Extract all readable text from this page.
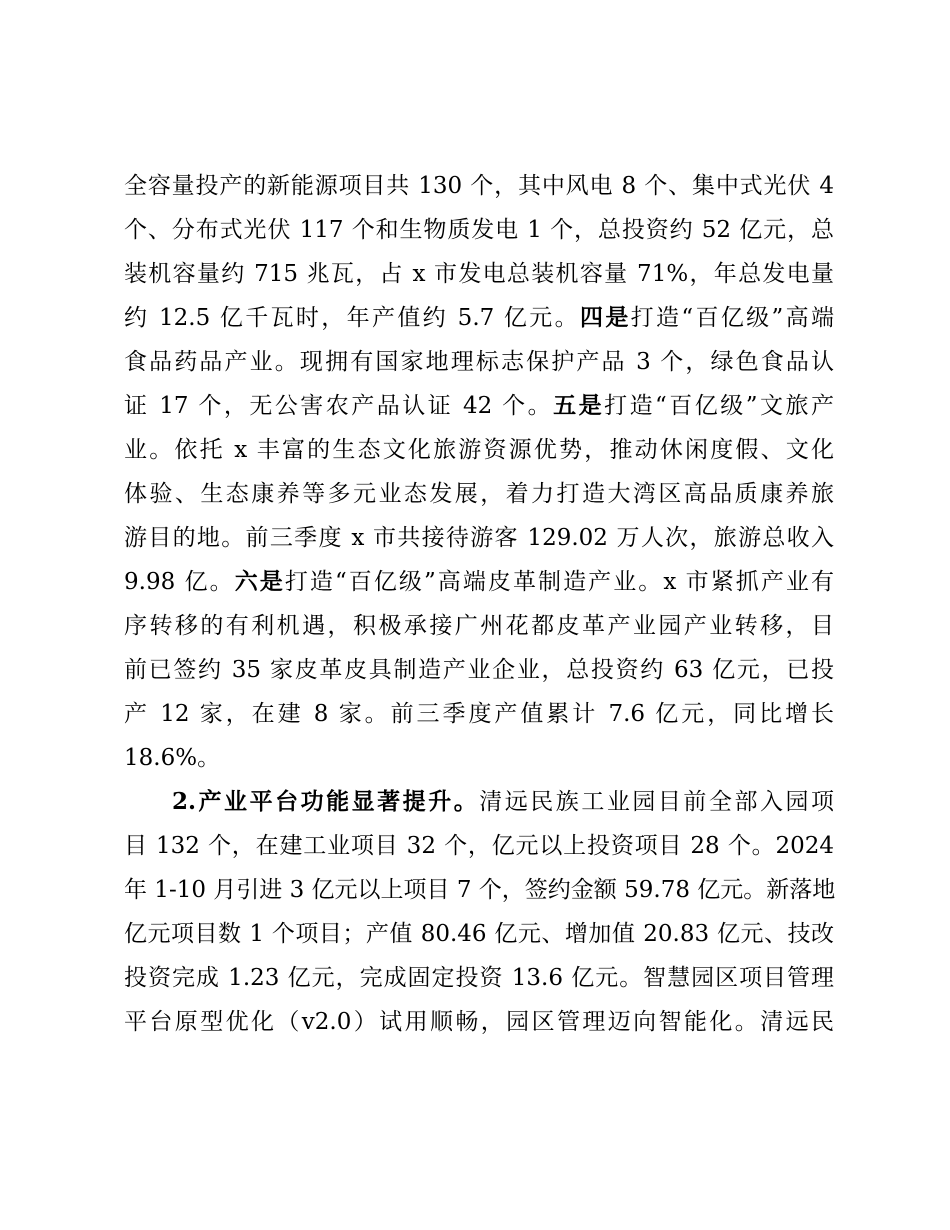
全容量投产的新能源项目共 130 个，其中风电 8 个、集中式光伏 4
个、分布式光伏 117 个和生物质发电 1 个，总投资约 52 亿元，总
装机容量约 715 兆瓦，占 x 市发电总装机容量 71%，年总发电量
约 12.5 亿千瓦时，年产值约 5.7 亿元。四是打造“百亿级”高端
食品药品产业。现拥有国家地理标志保护产品 3 个，绿色食品认
证 17 个，无公害农产品认证 42 个。五是打造“百亿级”文旅产
业。依托 x 丰富的生态文化旅游资源优势，推动休闲度假、文化
体验、生态康养等多元业态发展，着力打造大湾区高品质康养旅
游目的地。前三季度 x 市共接待游客 129.02 万人次，旅游总收入
9.98 亿。六是打造“百亿级”高端皮革制造产业。x 市紧抓产业有
序转移的有利机遇，积极承接广州花都皮革产业园产业转移，目
前已签约 35 家皮革皮具制造产业企业，总投资约 63 亿元，已投
产 12 家，在建 8 家。前三季度产值累计 7.6 亿元，同比增长
18.6%。
2.产业平台功能显著提升。清远民族工业园目前全部入园项
目 132 个，在建工业项目 32 个，亿元以上投资项目 28 个。2024
年 1-10 月引进 3 亿元以上项目 7 个，签约金额 59.78 亿元。新落地
亿元项目数 1 个项目；产值 80.46 亿元、增加值 20.83 亿元、技改
投资完成 1.23 亿元，完成固定投资 13.6 亿元。智慧园区项目管理
平台原型优化（v2.0）试用顺畅，园区管理迈向智能化。清远民
